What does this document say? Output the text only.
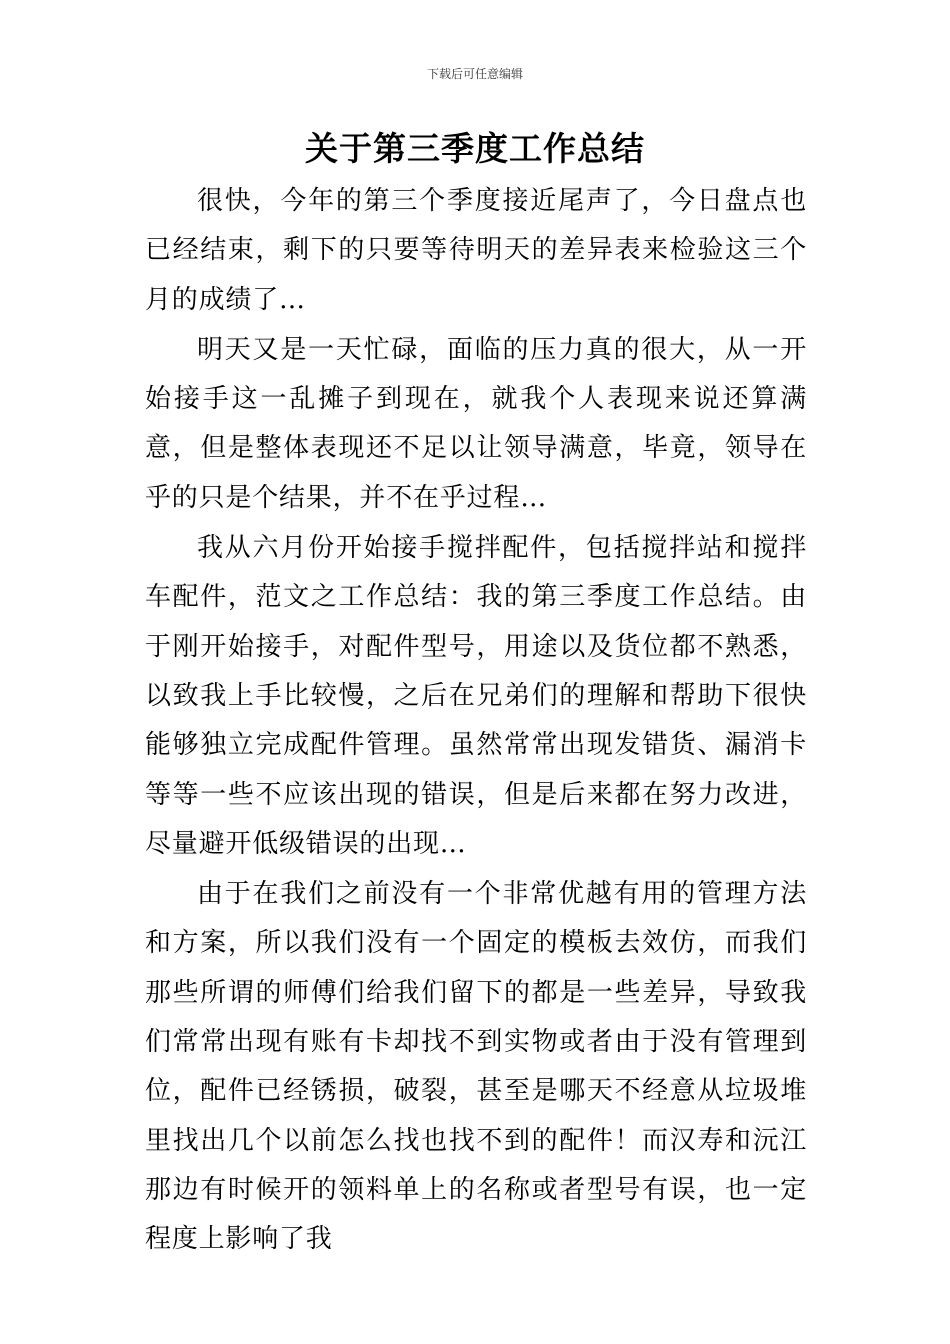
下载后可任意编辑
关于第三季度工作总结

很快，今年的第三个季度接近尾声了，今日盘点也已经结束，剩下的只要等待明天的差异表来检验这三个月的成绩了…

明天又是一天忙碌，面临的压力真的很大，从一开始接手这一乱摊子到现在，就我个人表现来说还算满意，但是整体表现还不足以让领导满意，毕竟，领导在乎的只是个结果，并不在乎过程…

我从六月份开始接手搅拌配件，包括搅拌站和搅拌车配件，范文之工作总结：我的第三季度工作总结。由于刚开始接手，对配件型号，用途以及货位都不熟悉，以致我上手比较慢，之后在兄弟们的理解和帮助下很快能够独立完成配件管理。虽然常常出现发错货、漏消卡等等一些不应该出现的错误，但是后来都在努力改进，尽量避开低级错误的出现…

由于在我们之前没有一个非常优越有用的管理方法和方案，所以我们没有一个固定的模板去效仿，而我们那些所谓的师傅们给我们留下的都是一些差异，导致我们常常出现有账有卡却找不到实物或者由于没有管理到位，配件已经锈损，破裂，甚至是哪天不经意从垃圾堆里找出几个以前怎么找也找不到的配件！而汉寿和沅江那边有时候开的领料单上的名称或者型号有误，也一定程度上影响了我
